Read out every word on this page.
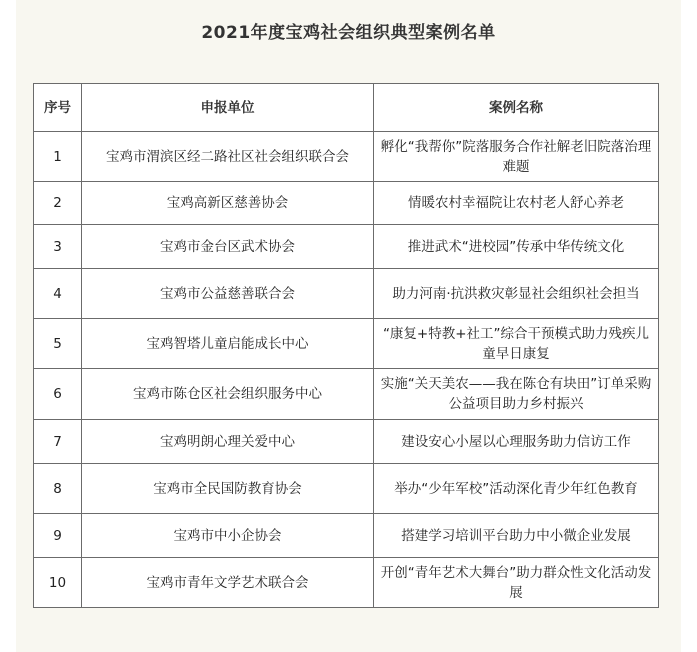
2021年度宝鸡社会组织典型案例名单
序号	申报单位	案例名称
1	宝鸡市渭滨区经二路社区社会组织联合会	孵化“我帮你”院落服务合作社解老旧院落治理难题
2	宝鸡高新区慈善协会	情暖农村幸福院让农村老人舒心养老
3	宝鸡市金台区武术协会	推进武术“进校园”传承中华传统文化
4	宝鸡市公益慈善联合会	助力河南·抗洪救灾彰显社会组织社会担当
5	宝鸡智塔儿童启能成长中心	“康复+特教+社工”综合干预模式助力残疾儿童早日康复
6	宝鸡市陈仓区社会组织服务中心	实施“关天美农——我在陈仓有块田”订单采购公益项目助力乡村振兴
7	宝鸡明朗心理关爱中心	建设安心小屋以心理服务助力信访工作
8	宝鸡市全民国防教育协会	举办“少年军校”活动深化青少年红色教育
9	宝鸡市中小企协会	搭建学习培训平台助力中小微企业发展
10	宝鸡市青年文学艺术联合会	开创“青年艺术大舞台”助力群众性文化活动发展
